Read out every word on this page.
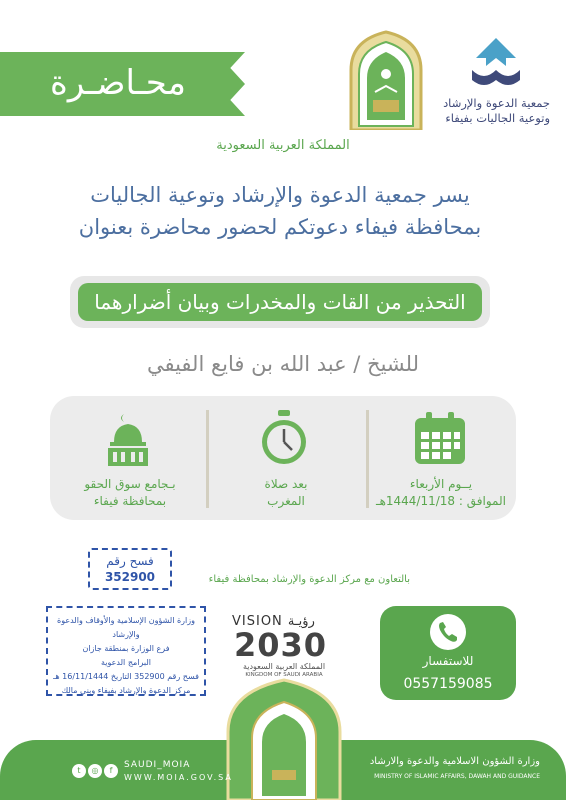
محـاضـرة	جمعية الدعوة والإرشاد
وتوعية الجاليات بفيفاء
المملكة العربية السعودية
يسر جمعية الدعوة والإرشاد وتوعية الجاليات
بمحافظة فيفاء دعوتكم لحضور محاضرة بعنوان
التحذير من القات والمخدرات وبيان أضرارهما
للشيخ / عبد الله بن فايع الفيفي
يــوم الأربعاء
الموافق : 1444/11/18هـ
بعد صلاة
المغرب
بـجامع سوق الحقو
بمحافظة فيفاء
بالتعاون مع مركز الدعوة والإرشاد بمحافظة فيفاء
فسح رقم
352900
وزارة الشؤون الإسلامية والأوقاف والدعوة والإرشاد
فرع الوزارة بمنطقة جازان
البرامج الدعوية
فسح رقم 352900 التاريخ 16/11/1444 هـ
مركز الدعوة والإرشاد بفيفاء وبني مالك
VISION رؤيـة
2030
المملكة العربية السعودية
KINGDOM OF SAUDI ARABIA
للاستفسار
0557159085
t	◎	f
SAUDI_MOIA
WWW.MOIA.GOV.SA
وزارة الشؤون الاسلامية والدعوة والارشاد
MINISTRY OF ISLAMIC AFFAIRS, DAWAH AND GUIDANCE
